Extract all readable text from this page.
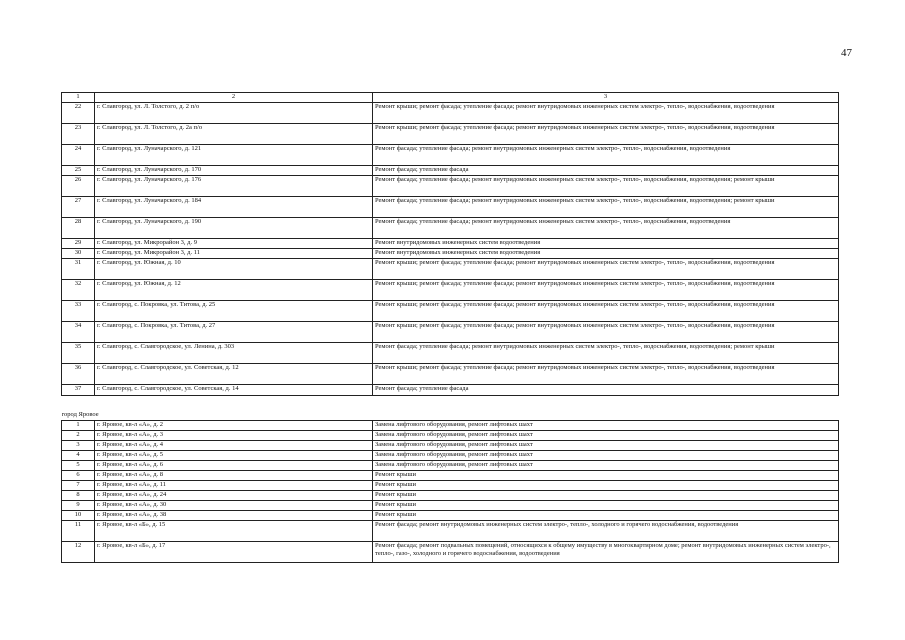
47
1	2	3
22	г. Славгород, ул. Л. Толстого, д. 2 п/о	Ремонт крыши; ремонт фасада; утепление фасада; ремонт внутридомовых инженерных систем электро-, тепло-, водоснабжения, водоотведения
23	г. Славгород, ул. Л. Толстого, д. 2а п/о	Ремонт крыши; ремонт фасада; утепление фасада; ремонт внутридомовых инженерных систем электро-, тепло-, водоснабжения, водоотведения
24	г. Славгород, ул. Луначарского, д. 121	Ремонт фасада; утепление фасада; ремонт внутридомовых инженерных систем электро-, тепло-, водоснабжения, водоотведения
25	г. Славгород, ул. Луначарского, д. 170	Ремонт фасада; утепление фасада
26	г. Славгород, ул. Луначарского, д. 176	Ремонт фасада; утепление фасада; ремонт внутридомовых инженерных систем электро-, тепло-, водоснабжения, водоотведения; ремонт крыши
27	г. Славгород, ул. Луначарского, д. 184	Ремонт фасада; утепление фасада; ремонт внутридомовых инженерных систем электро-, тепло-, водоснабжения, водоотведения; ремонт крыши
28	г. Славгород, ул. Луначарского, д. 190	Ремонт фасада; утепление фасада; ремонт внутридомовых инженерных систем электро-, тепло-, водоснабжения, водоотведения
29	г. Славгород, ул. Микрорайон 3, д. 9	Ремонт внутридомовых инженерных систем водоотведения
30	г. Славгород, ул. Микрорайон 3, д. 11	Ремонт внутридомовых инженерных систем водоотведения
31	г. Славгород, ул. Южная, д. 10	Ремонт крыши; ремонт фасада; утепление фасада; ремонт внутридомовых инженерных систем электро-, тепло-, водоснабжения, водоотведения
32	г. Славгород, ул. Южная, д. 12	Ремонт крыши; ремонт фасада; утепление фасада; ремонт внутридомовых инженерных систем электро-, тепло-, водоснабжения, водоотведения
33	г. Славгород, с. Покровка, ул. Титова, д. 25	Ремонт крыши; ремонт фасада; утепление фасада; ремонт внутридомовых инженерных систем электро-, тепло-, водоснабжения, водоотведения
34	г. Славгород, с. Покровка, ул. Титова, д. 27	Ремонт крыши; ремонт фасада; утепление фасада; ремонт внутридомовых инженерных систем электро-, тепло-, водоснабжения, водоотведения
35	г. Славгород, с. Славгородское, ул. Ленина, д. 303	Ремонт фасада; утепление фасада; ремонт внутридомовых инженерных систем электро-, тепло-, водоснабжения, водоотведения; ремонт крыши
36	г. Славгород, с. Славгородское, ул. Советская, д. 12	Ремонт крыши; ремонт фасада; утепление фасада; ремонт внутридомовых инженерных систем электро-, тепло-, водоснабжения, водоотведения
37	г. Славгород, с. Славгородское, ул. Советская, д. 14	Ремонт фасада; утепление фасада
город Яровое		
1	г. Яровое, кв-л «А», д. 2	Замена лифтового оборудования, ремонт лифтовых шахт
2	г. Яровое, кв-л «А», д. 3	Замена лифтового оборудования, ремонт лифтовых шахт
3	г. Яровое, кв-л «А», д. 4	Замена лифтового оборудования, ремонт лифтовых шахт
4	г. Яровое, кв-л «А», д. 5	Замена лифтового оборудования, ремонт лифтовых шахт
5	г. Яровое, кв-л «А», д. 6	Замена лифтового оборудования, ремонт лифтовых шахт
6	г. Яровое, кв-л «А», д. 8	Ремонт крыши
7	г. Яровое, кв-л «А», д. 11	Ремонт крыши
8	г. Яровое, кв-л «А», д. 24	Ремонт крыши
9	г. Яровое, кв-л «А», д. 30	Ремонт крыши
10	г. Яровое, кв-л «А», д. 38	Ремонт крыши
11	г. Яровое, кв-л «Б», д. 15	Ремонт фасада; ремонт внутридомовых инженерных систем электро-, тепло-, холодного и горячего водоснабжения, водоотведения
12	г. Яровое, кв-л «Б», д. 17	Ремонт фасада; ремонт подвальных помещений, относящихся к общему имуществу в многоквартирном доме; ремонт внутридомовых инженерных систем электро-, тепло-, газо-, холодного и горячего водоснабжения, водоотведения
